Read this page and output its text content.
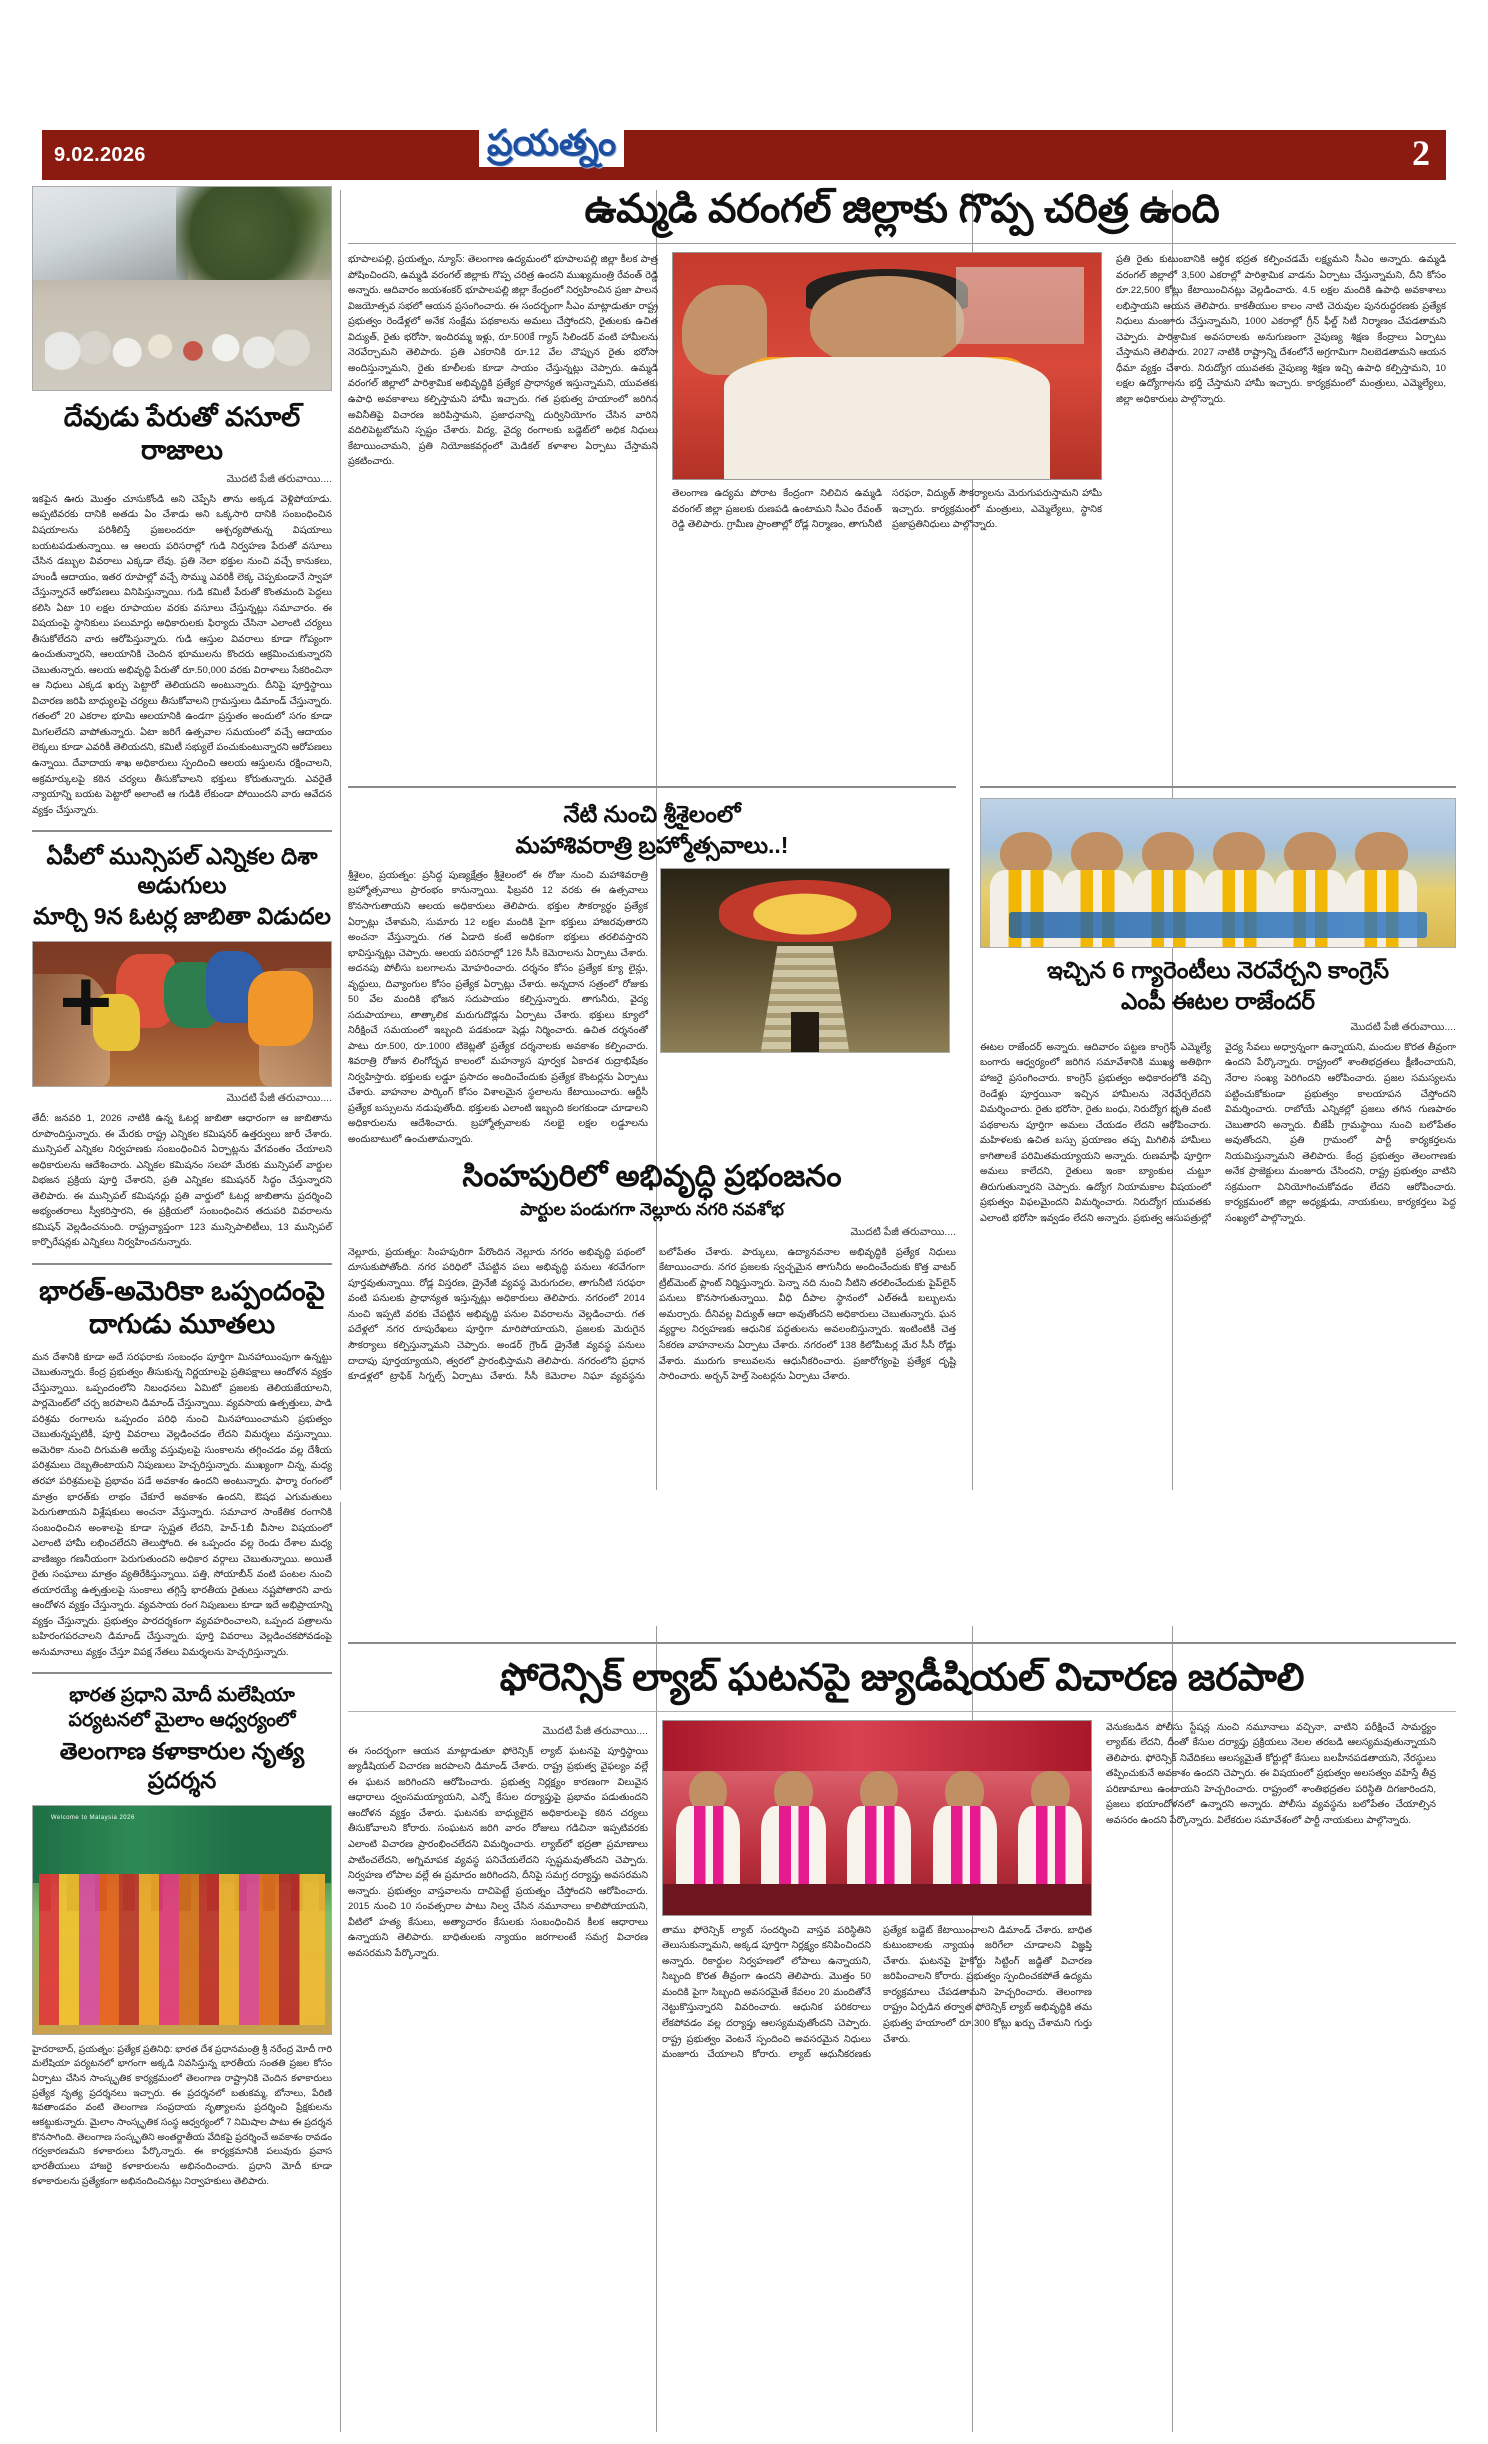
9.02.2026	ప్రయత్నం	2
ఉమ్మడి వరంగల్ జిల్లాకు గొప్ప చరిత్ర ఉంది
భూపాలపల్లి, ప్రయత్నం, న్యూస్: తెలంగాణ ఉద్యమంలో భూపాలపల్లి జిల్లా కీలక పాత్ర పోషించిందని, ఉమ్మడి వరంగల్ జిల్లాకు గొప్ప చరిత్ర ఉందని ముఖ్యమంత్రి రేవంత్ రెడ్డి అన్నారు. ఆదివారం జయశంకర్ భూపాలపల్లి జిల్లా కేంద్రంలో నిర్వహించిన ప్రజా పాలన విజయోత్సవ సభలో ఆయన ప్రసంగించారు. ఈ సందర్భంగా సీఎం మాట్లాడుతూ రాష్ట్ర ప్రభుత్వం రెండేళ్లలో అనేక సంక్షేమ పథకాలను అమలు చేస్తోందని, రైతులకు ఉచిత విద్యుత్, రైతు భరోసా, ఇందిరమ్మ ఇళ్లు, రూ.500కే గ్యాస్ సిలిండర్ వంటి హామీలను నెరవేర్చామని తెలిపారు. ప్రతి ఎకరానికి రూ.12 వేల చొప్పున రైతు భరోసా అందిస్తున్నామని, రైతు కూలీలకు కూడా సాయం చేస్తున్నట్లు చెప్పారు. ఉమ్మడి వరంగల్ జిల్లాలో పారిశ్రామిక అభివృద్ధికి ప్రత్యేక ప్రాధాన్యత ఇస్తున్నామని, యువతకు ఉపాధి అవకాశాలు కల్పిస్తామని హామీ ఇచ్చారు. గత ప్రభుత్వ హయాంలో జరిగిన అవినీతిపై విచారణ జరిపిస్తామని, ప్రజాధనాన్ని దుర్వినియోగం చేసిన వారిని వదిలిపెట్టబోమని స్పష్టం చేశారు. విద్య, వైద్య రంగాలకు బడ్జెట్‌లో అధిక నిధులు కేటాయించామని, ప్రతి నియోజకవర్గంలో మెడికల్ కళాశాల ఏర్పాటు చేస్తామని ప్రకటించారు.
తెలంగాణ ఉద్యమ పోరాట కేంద్రంగా నిలిచిన ఉమ్మడి వరంగల్ జిల్లా ప్రజలకు రుణపడి ఉంటామని సీఎం రేవంత్ రెడ్డి తెలిపారు. గ్రామీణ ప్రాంతాల్లో రోడ్ల నిర్మాణం, తాగునీటి సరఫరా, విద్యుత్ సౌకర్యాలను మెరుగుపరుస్తామని హామీ ఇచ్చారు. కార్యక్రమంలో మంత్రులు, ఎమ్మెల్యేలు, స్థానిక ప్రజాప్రతినిధులు పాల్గొన్నారు.
ప్రతి రైతు కుటుంబానికి ఆర్థిక భద్రత కల్పించడమే లక్ష్యమని సీఎం అన్నారు. ఉమ్మడి వరంగల్ జిల్లాలో 3,500 ఎకరాల్లో పారిశ్రామిక వాడను ఏర్పాటు చేస్తున్నామని, దీని కోసం రూ.22,500 కోట్లు కేటాయించినట్లు వెల్లడించారు. 4.5 లక్షల మందికి ఉపాధి అవకాశాలు లభిస్తాయని ఆయన తెలిపారు. కాకతీయుల కాలం నాటి చెరువుల పునరుద్ధరణకు ప్రత్యేక నిధులు మంజూరు చేస్తున్నామని, 1000 ఎకరాల్లో గ్రీన్ ఫీల్డ్ సిటీ నిర్మాణం చేపడతామని చెప్పారు. పారిశ్రామిక అవసరాలకు అనుగుణంగా నైపుణ్య శిక్షణ కేంద్రాలు ఏర్పాటు చేస్తామని తెలిపారు. 2027 నాటికి రాష్ట్రాన్ని దేశంలోనే అగ్రగామిగా నిలబెడతామని ఆయన ధీమా వ్యక్తం చేశారు. నిరుద్యోగ యువతకు నైపుణ్య శిక్షణ ఇచ్చి ఉపాధి కల్పిస్తామని, 10 లక్షల ఉద్యోగాలను భర్తీ చేస్తామని హామీ ఇచ్చారు. కార్యక్రమంలో మంత్రులు, ఎమ్మెల్యేలు, జిల్లా అధికారులు పాల్గొన్నారు.
దేవుడు పేరుతో వసూల్ రాజాలు
మొదటి పేజీ తరువాయి....
ఇకపైన ఊరు మొత్తం చూసుకోండి అని చెప్పేసి తాను అక్కడ వెళ్లిపోయాడు. అప్పటివరకు దానికి అతడు ఏం చేశాడు అని ఒక్కసారి దానికి సంబంధించిన విషయాలను పరిశీలిస్తే ప్రజలందరూ ఆశ్చర్యపోతున్న విషయాలు బయటపడుతున్నాయి. ఆ ఆలయ పరిసరాల్లో గుడి నిర్వహణ పేరుతో వసూలు చేసిన డబ్బుల వివరాలు ఎక్కడా లేవు. ప్రతి నెలా భక్తుల నుంచి వచ్చే కానుకలు, హుండీ ఆదాయం, ఇతర రూపాల్లో వచ్చే సొమ్ము ఎవరికీ లెక్క చెప్పకుండానే స్వాహా చేస్తున్నారనే ఆరోపణలు వినిపిస్తున్నాయి. గుడి కమిటీ పేరుతో కొంతమంది పెద్దలు కలిసి ఏటా 10 లక్షల రూపాయల వరకు వసూలు చేస్తున్నట్లు సమాచారం. ఈ విషయంపై స్థానికులు పలుమార్లు అధికారులకు ఫిర్యాదు చేసినా ఎలాంటి చర్యలు తీసుకోలేదని వారు ఆరోపిస్తున్నారు. గుడి ఆస్తుల వివరాలు కూడా గోప్యంగా ఉంచుతున్నారని, ఆలయానికి చెందిన భూములను కొందరు ఆక్రమించుకున్నారని చెబుతున్నారు. ఆలయ అభివృద్ధి పేరుతో రూ.50,000 వరకు విరాళాలు సేకరించినా ఆ నిధులు ఎక్కడ ఖర్చు పెట్టారో తెలియదని అంటున్నారు. దీనిపై పూర్తిస్థాయి విచారణ జరిపి బాధ్యులపై చర్యలు తీసుకోవాలని గ్రామస్తులు డిమాండ్ చేస్తున్నారు. గతంలో 20 ఎకరాల భూమి ఆలయానికి ఉండగా ప్రస్తుతం అందులో సగం కూడా మిగలలేదని వాపోతున్నారు. ఏటా జరిగే ఉత్సవాల సమయంలో వచ్చే ఆదాయం లెక్కలు కూడా ఎవరికీ తెలియదని, కమిటీ సభ్యులే పంచుకుంటున్నారని ఆరోపణలు ఉన్నాయి. దేవాదాయ శాఖ అధికారులు స్పందించి ఆలయ ఆస్తులను రక్షించాలని, అక్రమార్కులపై కఠిన చర్యలు తీసుకోవాలని భక్తులు కోరుతున్నారు. ఎవరైతే న్యాయాన్ని బయట పెట్టారో అలాంటి ఆ గుడికి లేకుండా పోయిందని వారు ఆవేదన వ్యక్తం చేస్తున్నారు.
ఏపీలో మున్సిపల్ ఎన్నికల దిశా అడుగులు
మార్చి 9న ఓటర్ల జాబితా విడుదల
మొదటి పేజీ తరువాయి....
తేదీ: జనవరి 1, 2026 నాటికి ఉన్న ఓటర్ల జాబితా ఆధారంగా ఆ జాబితాను రూపొందిస్తున్నారు. ఈ మేరకు రాష్ట్ర ఎన్నికల కమిషనర్ ఉత్తర్వులు జారీ చేశారు. మున్సిపల్ ఎన్నికల నిర్వహణకు సంబంధించిన ఏర్పాట్లను వేగవంతం చేయాలని అధికారులను ఆదేశించారు. ఎన్నికల కమిషనం సలహా మేరకు మున్సిపల్ వార్డుల విభజన ప్రక్రియ పూర్తి చేశారని, ప్రతి ఎన్నికల కమిషనర్ సిద్ధం చేస్తున్నారని తెలిపారు. ఈ మున్సిపల్ కమిషనర్లు ప్రతి వార్డులో ఓటర్ల జాబితాను ప్రదర్శించి అభ్యంతరాలు స్వీకరిస్తారని, ఈ ప్రక్రియలో సంబంధించిన తదుపరి వివరాలను కమిషన్ వెల్లడించనుంది. రాష్ట్రవ్యాప్తంగా 123 మున్సిపాలిటీలు, 13 మున్సిపల్ కార్పొరేషన్లకు ఎన్నికలు నిర్వహించనున్నారు.
భారత్-అమెరికా ఒప్పందంపై దాగుడు మూతలు
మన దేశానికి కూడా అదే సరఫరాకు సంబంధం పూర్తిగా మినహాయింపుగా ఉన్నట్టు చెబుతున్నారు. కేంద్ర ప్రభుత్వం తీసుకున్న నిర్ణయాలపై ప్రతిపక్షాలు ఆందోళన వ్యక్తం చేస్తున్నాయి. ఒప్పందంలోని నిబంధనలు ఏమిటో ప్రజలకు తెలియజేయాలని, పార్లమెంట్‌లో చర్చ జరపాలని డిమాండ్ చేస్తున్నాయి. వ్యవసాయ ఉత్పత్తులు, పాడి పరిశ్రమ రంగాలను ఒప్పందం పరిధి నుంచి మినహాయించామని ప్రభుత్వం చెబుతున్నప్పటికీ, పూర్తి వివరాలు వెల్లడించడం లేదని విమర్శలు వస్తున్నాయి. అమెరికా నుంచి దిగుమతి అయ్యే వస్తువులపై సుంకాలను తగ్గించడం వల్ల దేశీయ పరిశ్రమలు దెబ్బతింటాయని నిపుణులు హెచ్చరిస్తున్నారు. ముఖ్యంగా చిన్న, మధ్య తరహా పరిశ్రమలపై ప్రభావం పడే అవకాశం ఉందని అంటున్నారు. ఫార్మా రంగంలో మాత్రం భారత్‌కు లాభం చేకూరే అవకాశం ఉందని, ఔషధ ఎగుమతులు పెరుగుతాయని విశ్లేషకులు అంచనా వేస్తున్నారు. సమాచార సాంకేతిక రంగానికి సంబంధించిన అంశాలపై కూడా స్పష్టత లేదని, హెచ్-1బీ వీసాల విషయంలో ఎలాంటి హామీ లభించలేదని తెలుస్తోంది. ఈ ఒప్పందం వల్ల రెండు దేశాల మధ్య వాణిజ్యం గణనీయంగా పెరుగుతుందని అధికార వర్గాలు చెబుతున్నాయి. అయితే రైతు సంఘాలు మాత్రం వ్యతిరేకిస్తున్నాయి. పత్తి, సోయాబీన్ వంటి పంటల నుంచి తయారయ్యే ఉత్పత్తులపై సుంకాలు తగ్గిస్తే భారతీయ రైతులు నష్టపోతారని వారు ఆందోళన వ్యక్తం చేస్తున్నారు. వ్యవసాయ రంగ నిపుణులు కూడా ఇదే అభిప్రాయాన్ని వ్యక్తం చేస్తున్నారు. ప్రభుత్వం పారదర్శకంగా వ్యవహరించాలని, ఒప్పంద పత్రాలను బహిరంగపరచాలని డిమాండ్ చేస్తున్నారు. పూర్తి వివరాలు వెల్లడించకపోవడంపై అనుమానాలు వ్యక్తం చేస్తూ విపక్ష నేతలు విమర్శలను హెచ్చరిస్తున్నారు.
భారత ప్రధాని మోదీ మలేషియా పర్యటనలో మైలాం ఆధ్వర్యంలో
తెలంగాణ కళాకారుల నృత్య ప్రదర్శన
Welcome to Malaysia 2026
హైదరాబాద్, ప్రయత్నం: ప్రత్యేక ప్రతినిధి: భారత దేశ ప్రధానమంత్రి శ్రీ నరేంద్ర మోదీ గారి మలేషియా పర్యటనలో భాగంగా అక్కడి నివసిస్తున్న భారతీయ సంతతి ప్రజల కోసం ఏర్పాటు చేసిన సాంస్కృతిక కార్యక్రమంలో తెలంగాణ రాష్ట్రానికి చెందిన కళాకారులు ప్రత్యేక నృత్య ప్రదర్శనలు ఇచ్చారు. ఈ ప్రదర్శనలో బతుకమ్మ, బోనాలు, పేరిణి శివతాండవం వంటి తెలంగాణ సంప్రదాయ నృత్యాలను ప్రదర్శించి ప్రేక్షకులను ఆకట్టుకున్నారు. మైలాం సాంస్కృతిక సంస్థ ఆధ్వర్యంలో 7 నిమిషాల పాటు ఈ ప్రదర్శన కొనసాగింది. తెలంగాణ సంస్కృతిని అంతర్జాతీయ వేదికపై ప్రదర్శించే అవకాశం రావడం గర్వకారణమని కళాకారులు పేర్కొన్నారు. ఈ కార్యక్రమానికి పలువురు ప్రవాస భారతీయులు హాజరై కళాకారులను అభినందించారు. ప్రధాని మోదీ కూడా కళాకారులను ప్రత్యేకంగా అభినందించినట్లు నిర్వాహకులు తెలిపారు.
నేటి నుంచి శ్రీశైలంలో
మహాశివరాత్రి బ్రహ్మోత్సవాలు..!
శ్రీశైలం, ప్రయత్నం: ప్రసిద్ధ పుణ్యక్షేత్రం శ్రీశైలంలో ఈ రోజు నుంచి మహాశివరాత్రి బ్రహ్మోత్సవాలు ప్రారంభం కానున్నాయి. ఫిబ్రవరి 12 వరకు ఈ ఉత్సవాలు కొనసాగుతాయని ఆలయ అధికారులు తెలిపారు. భక్తుల సౌకర్యార్థం ప్రత్యేక ఏర్పాట్లు చేశామని, సుమారు 12 లక్షల మందికి పైగా భక్తులు హాజరవుతారని అంచనా వేస్తున్నారు. గత ఏడాది కంటే అధికంగా భక్తులు తరలివస్తారని భావిస్తున్నట్లు చెప్పారు. ఆలయ పరిసరాల్లో 126 సీసీ కెమెరాలను ఏర్పాటు చేశారు. అదనపు పోలీసు బలగాలను మోహరించారు. దర్శనం కోసం ప్రత్యేక క్యూ లైన్లు, వృద్ధులు, దివ్యాంగుల కోసం ప్రత్యేక ఏర్పాట్లు చేశారు. అన్నదాన సత్రంలో రోజుకు 50 వేల మందికి భోజన సదుపాయం కల్పిస్తున్నారు. తాగునీరు, వైద్య సదుపాయాలు, తాత్కాలిక మరుగుదొడ్లను ఏర్పాటు చేశారు. భక్తులు క్యూలో నిరీక్షించే సమయంలో ఇబ్బంది పడకుండా షెడ్లు నిర్మించారు. ఉచిత దర్శనంతో పాటు రూ.500, రూ.1000 టికెట్లతో ప్రత్యేక దర్శనాలకు అవకాశం కల్పించారు. శివరాత్రి రోజున లింగోద్భవ కాలంలో మహన్యాస పూర్వక ఏకాదశ రుద్రాభిషేకం నిర్వహిస్తారు. భక్తులకు లడ్డూ ప్రసాదం అందించేందుకు ప్రత్యేక కౌంటర్లను ఏర్పాటు చేశారు. వాహనాల పార్కింగ్ కోసం విశాలమైన స్థలాలను కేటాయించారు. ఆర్టీసీ ప్రత్యేక బస్సులను నడుపుతోంది. భక్తులకు ఎలాంటి ఇబ్బంది కలగకుండా చూడాలని అధికారులను ఆదేశించారు. బ్రహ్మోత్సవాలకు నలభై లక్షల లడ్డూలను అందుబాటులో ఉంచుతామన్నారు.
సింహపురిలో అభివృద్ధి ప్రభంజనం
పార్టుల పండుగగా నెల్లూరు నగరి నవశోభ
మొదటి పేజీ తరువాయి....
నెల్లూరు, ప్రయత్నం: సింహపురిగా పేరొందిన నెల్లూరు నగరం అభివృద్ధి పథంలో దూసుకుపోతోంది. నగర పరిధిలో చేపట్టిన పలు అభివృద్ధి పనులు శరవేగంగా పూర్తవుతున్నాయి. రోడ్ల విస్తరణ, డ్రైనేజీ వ్యవస్థ మెరుగుదల, తాగునీటి సరఫరా వంటి పనులకు ప్రాధాన్యత ఇస్తున్నట్లు అధికారులు తెలిపారు. నగరంలో 2014 నుంచి ఇప్పటి వరకు చేపట్టిన అభివృద్ధి పనుల వివరాలను వెల్లడించారు. గత పదేళ్లలో నగర రూపురేఖలు పూర్తిగా మారిపోయాయని, ప్రజలకు మెరుగైన సౌకర్యాలు కల్పిస్తున్నామని చెప్పారు. అండర్ గ్రౌండ్ డ్రైనేజీ వ్యవస్థ పనులు దాదాపు పూర్తయ్యాయని, త్వరలో ప్రారంభిస్తామని తెలిపారు. నగరంలోని ప్రధాన కూడళ్లలో ట్రాఫిక్ సిగ్నల్స్ ఏర్పాటు చేశారు. సీసీ కెమెరాల నిఘా వ్యవస్థను బలోపేతం చేశారు. పార్కులు, ఉద్యానవనాల అభివృద్ధికి ప్రత్యేక నిధులు కేటాయించారు. నగర ప్రజలకు స్వచ్ఛమైన తాగునీరు అందించేందుకు కొత్త వాటర్ ట్రీట్‌మెంట్ ప్లాంట్ నిర్మిస్తున్నారు. పెన్నా నది నుంచి నీటిని తరలించేందుకు పైప్‌లైన్ పనులు కొనసాగుతున్నాయి. వీధి దీపాల స్థానంలో ఎల్ఈడీ బల్బులను అమర్చారు. దీనివల్ల విద్యుత్ ఆదా అవుతోందని అధికారులు చెబుతున్నారు. ఘన వ్యర్థాల నిర్వహణకు ఆధునిక పద్ధతులను అవలంబిస్తున్నారు. ఇంటింటికీ చెత్త సేకరణ వాహనాలను ఏర్పాటు చేశారు. నగరంలో 138 కిలోమీటర్ల మేర సీసీ రోడ్లు వేశారు. మురుగు కాలువలను ఆధునీకరించారు. ప్రజారోగ్యంపై ప్రత్యేక దృష్టి సారించారు. అర్బన్ హెల్త్ సెంటర్లను ఏర్పాటు చేశారు.
ఇచ్చిన 6 గ్యారెంటీలు నెరవేర్చని కాంగ్రెస్
ఎంపీ ఈటల రాజేందర్
మొదటి పేజీ తరువాయి....
ఈటల రాజేందర్ అన్నారు. ఆదివారం పట్టణ కాంగ్రెస్ ఎమ్మెల్యే బంగారు ఆధ్వర్యంలో జరిగిన సమావేశానికి ముఖ్య అతిథిగా హాజరై ప్రసంగించారు. కాంగ్రెస్ ప్రభుత్వం అధికారంలోకి వచ్చి రెండేళ్లు పూర్తయినా ఇచ్చిన హామీలను నెరవేర్చలేదని విమర్శించారు. రైతు భరోసా, రైతు బంధు, నిరుద్యోగ భృతి వంటి పథకాలను పూర్తిగా అమలు చేయడం లేదని ఆరోపించారు. మహిళలకు ఉచిత బస్సు ప్రయాణం తప్ప మిగిలిన హామీలు కాగితాలకే పరిమితమయ్యాయని అన్నారు. రుణమాఫీ పూర్తిగా అమలు కాలేదని, రైతులు ఇంకా బ్యాంకుల చుట్టూ తిరుగుతున్నారని చెప్పారు. ఉద్యోగ నియామకాల విషయంలో ప్రభుత్వం విఫలమైందని విమర్శించారు. నిరుద్యోగ యువతకు ఎలాంటి భరోసా ఇవ్వడం లేదని అన్నారు. ప్రభుత్వ ఆసుపత్రుల్లో వైద్య సేవలు అధ్వాన్నంగా ఉన్నాయని, మందుల కొరత తీవ్రంగా ఉందని పేర్కొన్నారు. రాష్ట్రంలో శాంతిభద్రతలు క్షీణించాయని, నేరాల సంఖ్య పెరిగిందని ఆరోపించారు. ప్రజల సమస్యలను పట్టించుకోకుండా ప్రభుత్వం కాలయాపన చేస్తోందని విమర్శించారు. రాబోయే ఎన్నికల్లో ప్రజలు తగిన గుణపాఠం చెబుతారని అన్నారు. బీజేపీ గ్రామస్థాయి నుంచి బలోపేతం అవుతోందని, ప్రతి గ్రామంలో పార్టీ కార్యకర్తలను నియమిస్తున్నామని తెలిపారు. కేంద్ర ప్రభుత్వం తెలంగాణకు అనేక ప్రాజెక్టులు మంజూరు చేసిందని, రాష్ట్ర ప్రభుత్వం వాటిని సక్రమంగా వినియోగించుకోవడం లేదని ఆరోపించారు. కార్యక్రమంలో జిల్లా అధ్యక్షుడు, నాయకులు, కార్యకర్తలు పెద్ద సంఖ్యలో పాల్గొన్నారు.
ఫోరెన్సిక్ ల్యాబ్ ఘటనపై జ్యుడీషియల్ విచారణ జరపాలి
మొదటి పేజీ తరువాయి....
ఈ సందర్భంగా ఆయన మాట్లాడుతూ ఫోరెన్సిక్ ల్యాబ్ ఘటనపై పూర్తిస్థాయి జ్యుడీషియల్ విచారణ జరపాలని డిమాండ్ చేశారు. రాష్ట్ర ప్రభుత్వ వైఫల్యం వల్లే ఈ ఘటన జరిగిందని ఆరోపించారు. ప్రభుత్వ నిర్లక్ష్యం కారణంగా విలువైన ఆధారాలు ధ్వంసమయ్యాయని, ఎన్నో కేసుల దర్యాప్తుపై ప్రభావం పడుతుందని ఆందోళన వ్యక్తం చేశారు. ఘటనకు బాధ్యులైన అధికారులపై కఠిన చర్యలు తీసుకోవాలని కోరారు. సంఘటన జరిగి వారం రోజులు గడిచినా ఇప్పటివరకు ఎలాంటి విచారణ ప్రారంభించలేదని విమర్శించారు. ల్యాబ్‌లో భద్రతా ప్రమాణాలు పాటించలేదని, అగ్నిమాపక వ్యవస్థ పనిచేయలేదని స్పష్టమవుతోందని చెప్పారు. నిర్వహణ లోపాల వల్లే ఈ ప్రమాదం జరిగిందని, దీనిపై సమగ్ర దర్యాప్తు అవసరమని అన్నారు. ప్రభుత్వం వాస్తవాలను దాచిపెట్టే ప్రయత్నం చేస్తోందని ఆరోపించారు. 2015 నుంచి 10 సంవత్సరాల పాటు నిల్వ చేసిన నమూనాలు కాలిపోయాయని, వీటిలో హత్య కేసులు, అత్యాచారం కేసులకు సంబంధించిన కీలక ఆధారాలు ఉన్నాయని తెలిపారు. బాధితులకు న్యాయం జరగాలంటే సమగ్ర విచారణ అవసరమని పేర్కొన్నారు.
తాము ఫోరెన్సిక్ ల్యాబ్ సందర్శించి వాస్తవ పరిస్థితిని తెలుసుకున్నామని, అక్కడ పూర్తిగా నిర్లక్ష్యం కనిపించిందని అన్నారు. రికార్డుల నిర్వహణలో లోపాలు ఉన్నాయని, సిబ్బంది కొరత తీవ్రంగా ఉందని తెలిపారు. మొత్తం 50 మందికి పైగా సిబ్బంది అవసరమైతే కేవలం 20 మందితోనే నెట్టుకొస్తున్నారని వివరించారు. ఆధునిక పరికరాలు లేకపోవడం వల్ల దర్యాప్తు ఆలస్యమవుతోందని చెప్పారు. రాష్ట్ర ప్రభుత్వం వెంటనే స్పందించి అవసరమైన నిధులు మంజూరు చేయాలని కోరారు. ల్యాబ్ ఆధునీకరణకు ప్రత్యేక బడ్జెట్ కేటాయించాలని డిమాండ్ చేశారు. బాధిత కుటుంబాలకు న్యాయం జరిగేలా చూడాలని విజ్ఞప్తి చేశారు. ఘటనపై హైకోర్టు సిట్టింగ్ జడ్జితో విచారణ జరిపించాలని కోరారు. ప్రభుత్వం స్పందించకపోతే ఉద్యమ కార్యక్రమాలు చేపడతామని హెచ్చరించారు. తెలంగాణ రాష్ట్రం ఏర్పడిన తర్వాత ఫోరెన్సిక్ ల్యాబ్ అభివృద్ధికి తమ ప్రభుత్వ హయాంలో రూ.300 కోట్లు ఖర్చు చేశామని గుర్తు చేశారు.
వెనుకబడిన పోలీసు స్టేషన్ల నుంచి నమూనాలు వచ్చినా, వాటిని పరీక్షించే సామర్థ్యం ల్యాబ్‌కు లేదని, దీంతో కేసుల దర్యాప్తు ప్రక్రియలు నెలల తరబడి ఆలస్యమవుతున్నాయని తెలిపారు. ఫోరెన్సిక్ నివేదికలు ఆలస్యమైతే కోర్టుల్లో కేసులు బలహీనపడతాయని, నేరస్థులు తప్పించుకునే అవకాశం ఉందని చెప్పారు. ఈ విషయంలో ప్రభుత్వం అలసత్వం వహిస్తే తీవ్ర పరిణామాలు ఉంటాయని హెచ్చరించారు. రాష్ట్రంలో శాంతిభద్రతల పరిస్థితి దిగజారిందని, ప్రజలు భయాందోళనలో ఉన్నారని అన్నారు. పోలీసు వ్యవస్థను బలోపేతం చేయాల్సిన అవసరం ఉందని పేర్కొన్నారు. విలేకరుల సమావేశంలో పార్టీ నాయకులు పాల్గొన్నారు.
